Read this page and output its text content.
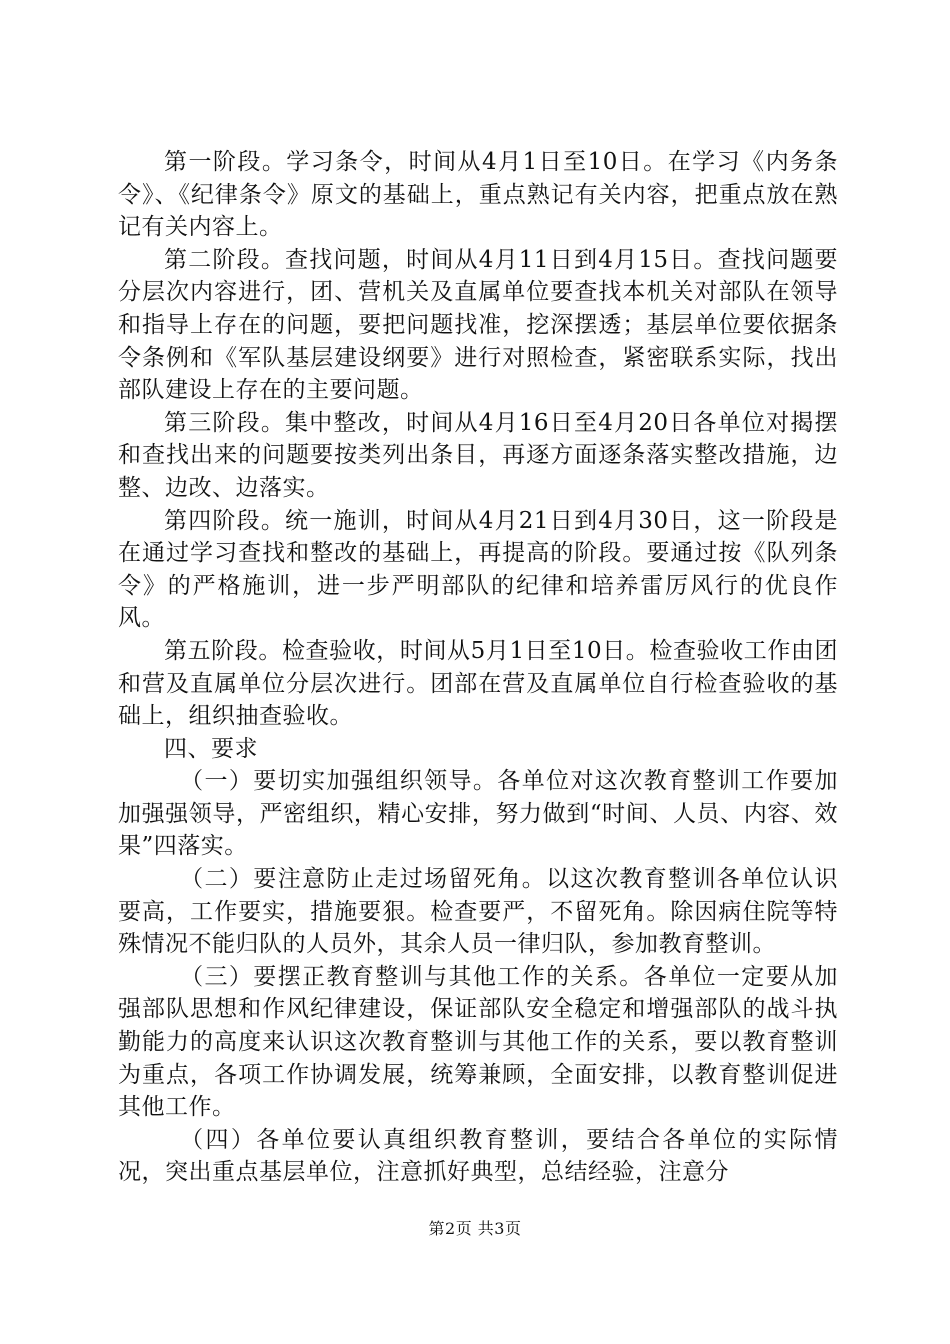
第一阶段。学习条令，时间从4月1日至10日。在学习《内务条令》、《纪律条令》原文的基础上，重点熟记有关内容，把重点放在熟记有关内容上。

第二阶段。查找问题，时间从4月11日到4月15日。查找问题要分层次内容进行，团、营机关及直属单位要查找本机关对部队在领导和指导上存在的问题，要把问题找准，挖深摆透；基层单位要依据条令条例和《军队基层建设纲要》进行对照检查，紧密联系实际，找出部队建设上存在的主要问题。

第三阶段。集中整改，时间从4月16日至4月20日各单位对揭摆和查找出来的问题要按类列出条目，再逐方面逐条落实整改措施，边整、边改、边落实。

第四阶段。统一施训，时间从4月21日到4月30日，这一阶段是在通过学习查找和整改的基础上，再提高的阶段。要通过按《队列条令》的严格施训，进一步严明部队的纪律和培养雷厉风行的优良作风。

第五阶段。检查验收，时间从5月1日至10日。检查验收工作由团和营及直属单位分层次进行。团部在营及直属单位自行检查验收的基础上，组织抽查验收。

四、要求

（一）要切实加强组织领导。各单位对这次教育整训工作要加加强强领导，严密组织，精心安排，努力做到“时间、人员、内容、效果”四落实。

（二）要注意防止走过场留死角。以这次教育整训各单位认识要高，工作要实，措施要狠。检查要严，不留死角。除因病住院等特殊情况不能归队的人员外，其余人员一律归队，参加教育整训。

（三）要摆正教育整训与其他工作的关系。各单位一定要从加强部队思想和作风纪律建设，保证部队安全稳定和增强部队的战斗执勤能力的高度来认识这次教育整训与其他工作的关系，要以教育整训为重点，各项工作协调发展，统筹兼顾，全面安排，以教育整训促进其他工作。

（四）各单位要认真组织教育整训，要结合各单位的实际情况，突出重点基层单位，注意抓好典型，总结经验，注意分

第2页 共3页
